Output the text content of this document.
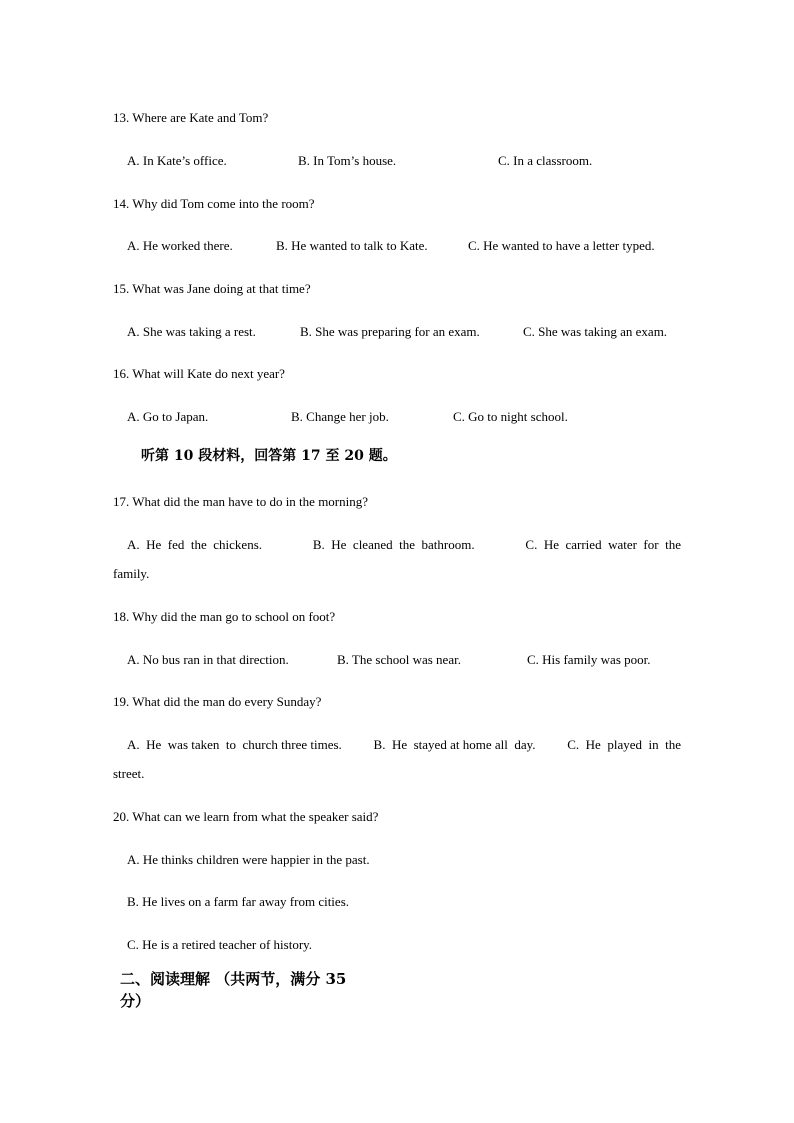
13. Where are Kate and Tom?
A. In Kate’s office.	B. In Tom’s house.	C. In a classroom.
14. Why did Tom come into the room?
A. He worked there.	B. He wanted to talk to Kate.	C. He wanted to have a letter typed.
15. What was Jane doing at that time?
A. She was taking a rest.	B. She was preparing for an exam.	C. She was taking an exam.
16. What will Kate do next year?
A. Go to Japan.	B. Change her job.	C. Go to night school.
听第 10 段材料，回答第 17 至 20 题。
17. What did the man have to do in the morning?
A.  He  fed  the  chickens.	B.  He  cleaned  the  bathroom.	C.  He  carried  water  for  the
family.
18. Why did the man go to school on foot?
A. No bus ran in that direction.	B. The school was near.	C. His family was poor.
19. What did the man do every Sunday?
A.  He  was taken  to  church three times. B.  He  stayed at home all  day. C.  He  played  in  the
street.
20. What can we learn from what the speaker said?
A. He thinks children were happier in the past.
B. He lives on a farm far away from cities.
C. He is a retired teacher of history.
二、阅读理解 （共两节，满分 35
分）
